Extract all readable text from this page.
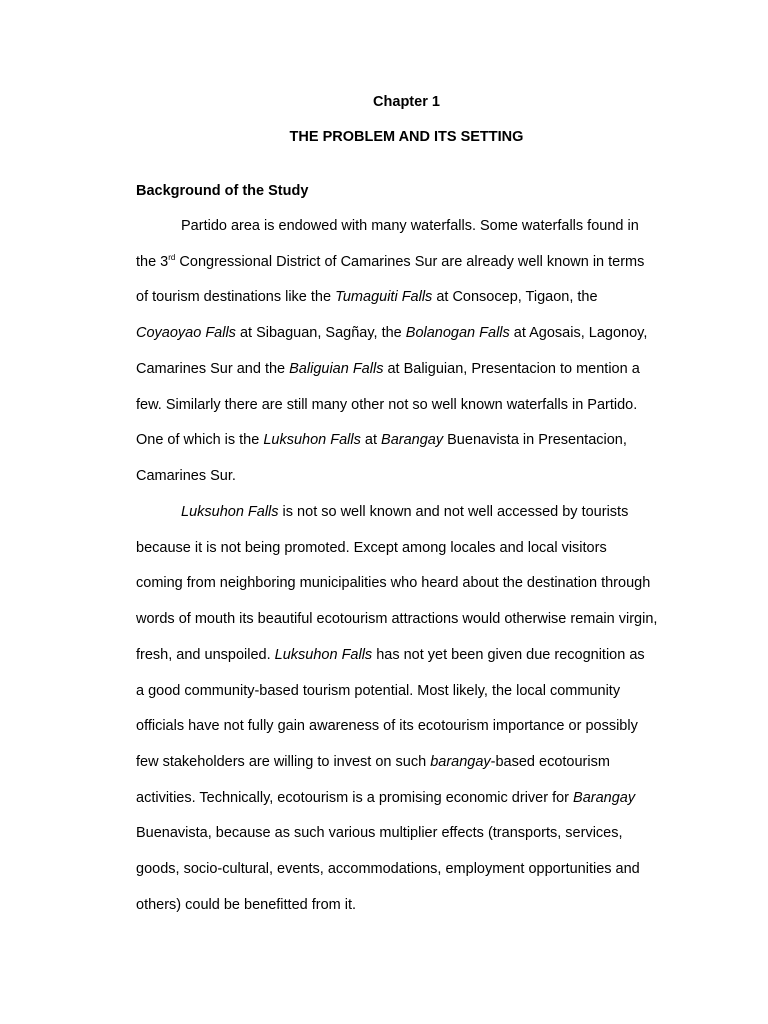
Chapter 1
THE PROBLEM AND ITS SETTING
Background of the Study
Partido area is endowed with many waterfalls. Some waterfalls found in
the 3rd Congressional District of Camarines Sur are already well known in terms
of tourism destinations like the Tumaguiti Falls at Consocep, Tigaon, the
Coyaoyao Falls at Sibaguan, Sagñay, the Bolanogan Falls at Agosais, Lagonoy,
Camarines Sur and the Baliguian Falls at Baliguian, Presentacion to mention a
few. Similarly there are still many other not so well known waterfalls in Partido.
One of which is the Luksuhon Falls at Barangay Buenavista in Presentacion,
Camarines Sur.
Luksuhon Falls is not so well known and not well accessed by tourists
because it is not being promoted. Except among locales and local visitors
coming from neighboring municipalities who heard about the destination through
words of mouth its beautiful ecotourism attractions would otherwise remain virgin,
fresh, and unspoiled. Luksuhon Falls has not yet been given due recognition as
a good community-based tourism potential. Most likely, the local community
officials have not fully gain awareness of its ecotourism importance or possibly
few stakeholders are willing to invest on such barangay-based ecotourism
activities. Technically, ecotourism is a promising economic driver for Barangay
Buenavista, because as such various multiplier effects (transports, services,
goods, socio-cultural, events, accommodations, employment opportunities and
others) could be benefitted from it.
